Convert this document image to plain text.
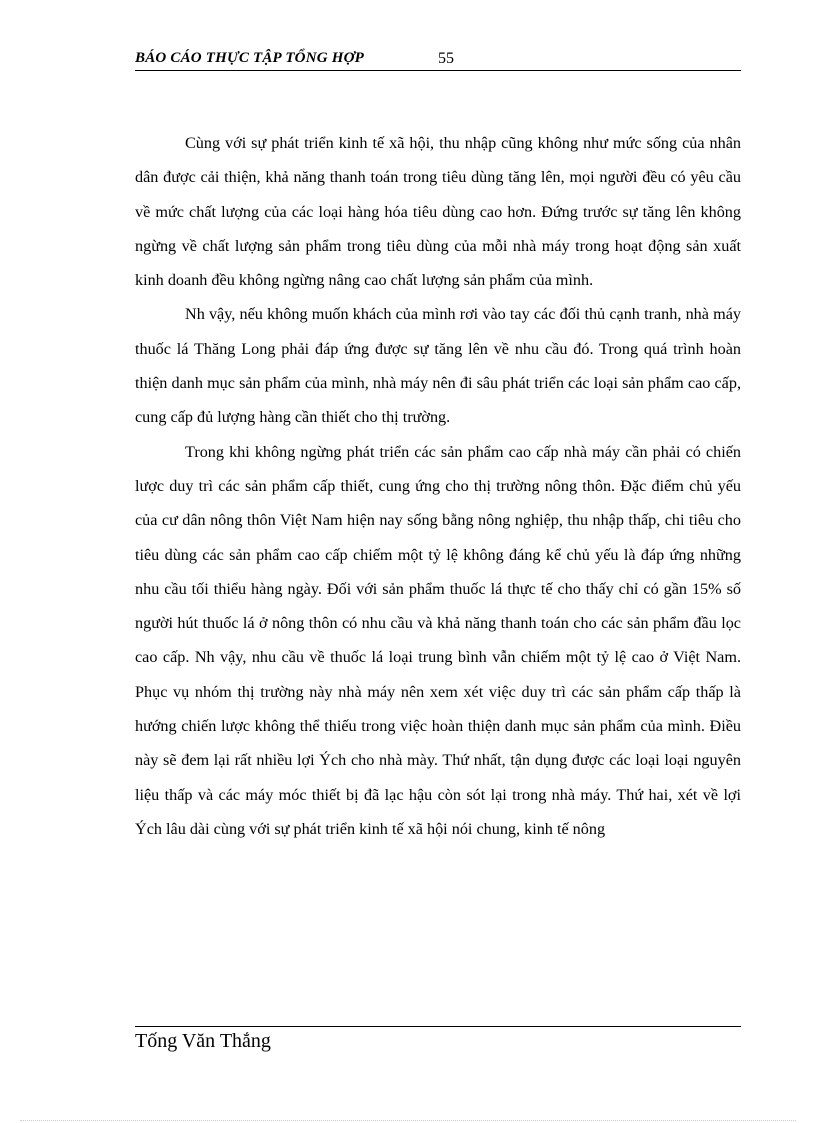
BÁO CÁO THỰC TẬP TỔNG HỢP	55

Cùng với sự phát triển kinh tế xã hội, thu nhập cũng không như mức sống của nhân dân được cải thiện, khả năng thanh toán trong tiêu dùng tăng lên, mọi người đều có yêu cầu về mức chất lượng của các loại hàng hóa tiêu dùng cao hơn. Đứng trước sự tăng lên không ngừng về chất lượng sản phẩm trong tiêu dùng của mỗi nhà máy trong hoạt động sản xuất kinh doanh đều không ngừng nâng cao chất lượng sản phẩm của mình.

Nh vậy, nếu không muốn khách của mình rơi vào tay các đối thủ cạnh tranh, nhà máy thuốc lá Thăng Long phải đáp ứng được sự tăng lên về nhu cầu đó. Trong quá trình hoàn thiện danh mục sản phẩm của mình, nhà máy nên đi sâu phát triển các loại sản phẩm cao cấp, cung cấp đủ lượng hàng cần thiết cho thị trường.

Trong khi không ngừng phát triển các sản phẩm cao cấp nhà máy cần phải có chiến lược duy trì các sản phẩm cấp thiết, cung ứng cho thị trường nông thôn. Đặc điểm chủ yếu của cư dân nông thôn Việt Nam hiện nay sống bằng nông nghiệp, thu nhập thấp, chi tiêu cho tiêu dùng các sản phẩm cao cấp chiếm một tỷ lệ không đáng kể chủ yếu là đáp ứng những nhu cầu tối thiểu hàng ngày. Đối với sản phẩm thuốc lá thực tế cho thấy chỉ có gần 15% số người hút thuốc lá ở nông thôn có nhu cầu và khả năng thanh toán cho các sản phẩm đầu lọc cao cấp. Nh vậy, nhu cầu về thuốc lá loại trung bình vẫn chiếm một tỷ lệ cao ở Việt Nam. Phục vụ nhóm thị trường này nhà máy nên xem xét việc duy trì các sản phẩm cấp thấp là hướng chiến lược không thể thiếu trong việc hoàn thiện danh mục sản phẩm của mình. Điều này sẽ đem lại rất nhiều lợi Ých cho nhà mày. Thứ nhất, tận dụng được các loại loại nguyên liệu thấp và các máy móc thiết bị đã lạc hậu còn sót lại trong nhà máy. Thứ hai, xét về lợi Ých lâu dài cùng với sự phát triển kinh tế xã hội nói chung, kinh tế nông

Tống Văn Thắng
